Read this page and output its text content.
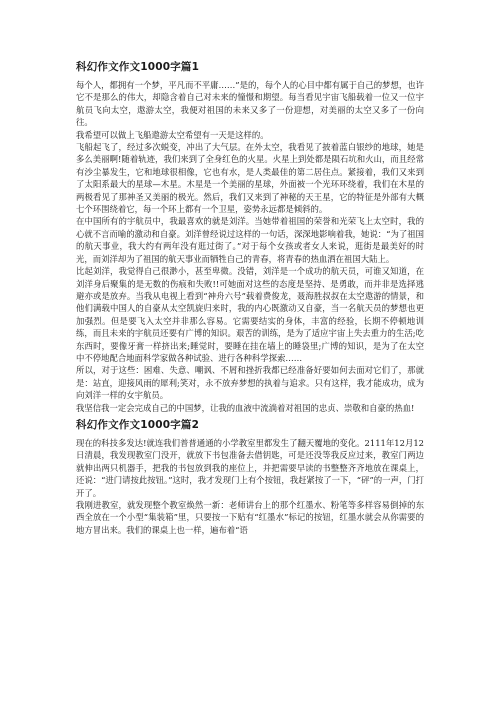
科幻作文作文1000字篇1

每个人，都拥有一个梦，平凡而不平庸……”是的，每个人的心目中都有属于自己的梦想，也许它不是那么的伟大，却隐含着自己对未来的憧憬和期望。每当看见宇宙飞船载着一位又一位宇航员飞向太空，遨游太空，我便对祖国的未来又多了一份迎想，对美丽的太空又多了一份向往。

我希望可以做上飞船遨游太空希望有一天是这样的。

飞船起飞了，经过多次蜕变，冲出了大气层。在外太空，我看见了披着蓝白银纱的地球，她是多么美丽啊!随着轨迹，我们来到了全身红色的火星。火星上到处都是陨石坑和火山，而且经常有沙尘暴发生，它和地球很相像，它也有水，是人类最佳的第二居住点。紧接着，我们又来到了太阳系最大的星球—木星。木星是一个美丽的星球，外面被一个光环环绕着，我们在木星的两极看见了那神圣又美丽的极光。然后，我们又来到了神秘的天王星，它的特征是外部有大概七个环围绕着它，每一个环上都有一个卫星，姿势永远都是倾斜的。

在中国所有的宇航员中，我最喜欢的就是刘洋。当她带着祖国的荣誉和光荣飞上太空时，我的心就不言而喻的激动和自豪。刘洋曾经说过这样的一句话，深深地影响着我，她说：“为了祖国的航天事业，我大约有两年没有逛过街了。”对于每个女孩或者女人来说，逛街是最美好的时光，而刘洋却为了祖国的航天事业而牺牲自己的青春，将青春的热血洒在祖国大陆上。

比起刘洋，我觉得自己很渺小，甚至卑微。没错，刘洋是一个成功的航天员，可谁又知道，在刘洋身后聚集的是无数的伤痕和失败!!可她面对这些的态度是坚持、是勇敢，而并非是选择逃避亦或是放弃。当我从电视上看到“神舟六号”载着费俊龙，聂海胜叔叔在太空遨游的情景，和他们满载中国人的自豪从太空凯旋归来时，我的内心既激动又自豪，当一名航天员的梦想也更加强烈。但是要飞入太空并非那么容易。它需要结实的身体，丰富的经验，长期不停顿地训练，而且未来的宇航员还要有广博的知识。艰苦的训练，是为了适应宇宙上失去重力的生活;吃东西时，要像牙膏一样挤出来;睡觉时，要睡在挂在墙上的睡袋里;广博的知识，是为了在太空中不停地配合地面科学家做各种试验、进行各种科学探索……

所以，对于这些：困难、失意、嘲讽、不屑和挫折我都已经准备好要如何去面对它们了，那就是：站直，迎接风雨的犀利;笑对，永不放弃梦想的执着与追求。只有这样，我才能成功，成为向刘洋一样的女宇航员。

我坚信我一定会完成自己的中国梦，让我的血液中流淌着对祖国的忠贞、崇敬和自豪的热血!

科幻作文作文1000字篇2

现在的科技多发达!就连我们普普通通的小学教室里都发生了翻天覆地的变化。2111年12月12日清晨，我发现教室门没开，就放下书包准备去借钥匙，可是还没等我反应过来，教室门两边就伸出两只机器手，把我的书包放到我的座位上，并把需要早读的书整整齐齐地放在课桌上，还说：“进门请按此按钮。”这时，我才发现门上有个按钮，我赶紧按了一下，“砰”的一声，门打开了。

我刚进教室，就发现整个教室焕然一新：老师讲台上的那个红墨水、粉笔等多样容易倒掉的东西全放在一个小型“集装箱”里，只要按一下贴有“红墨水”标记的按钮，红墨水就会从你需要的地方冒出来。我们的课桌上也一样，遍布着“语
